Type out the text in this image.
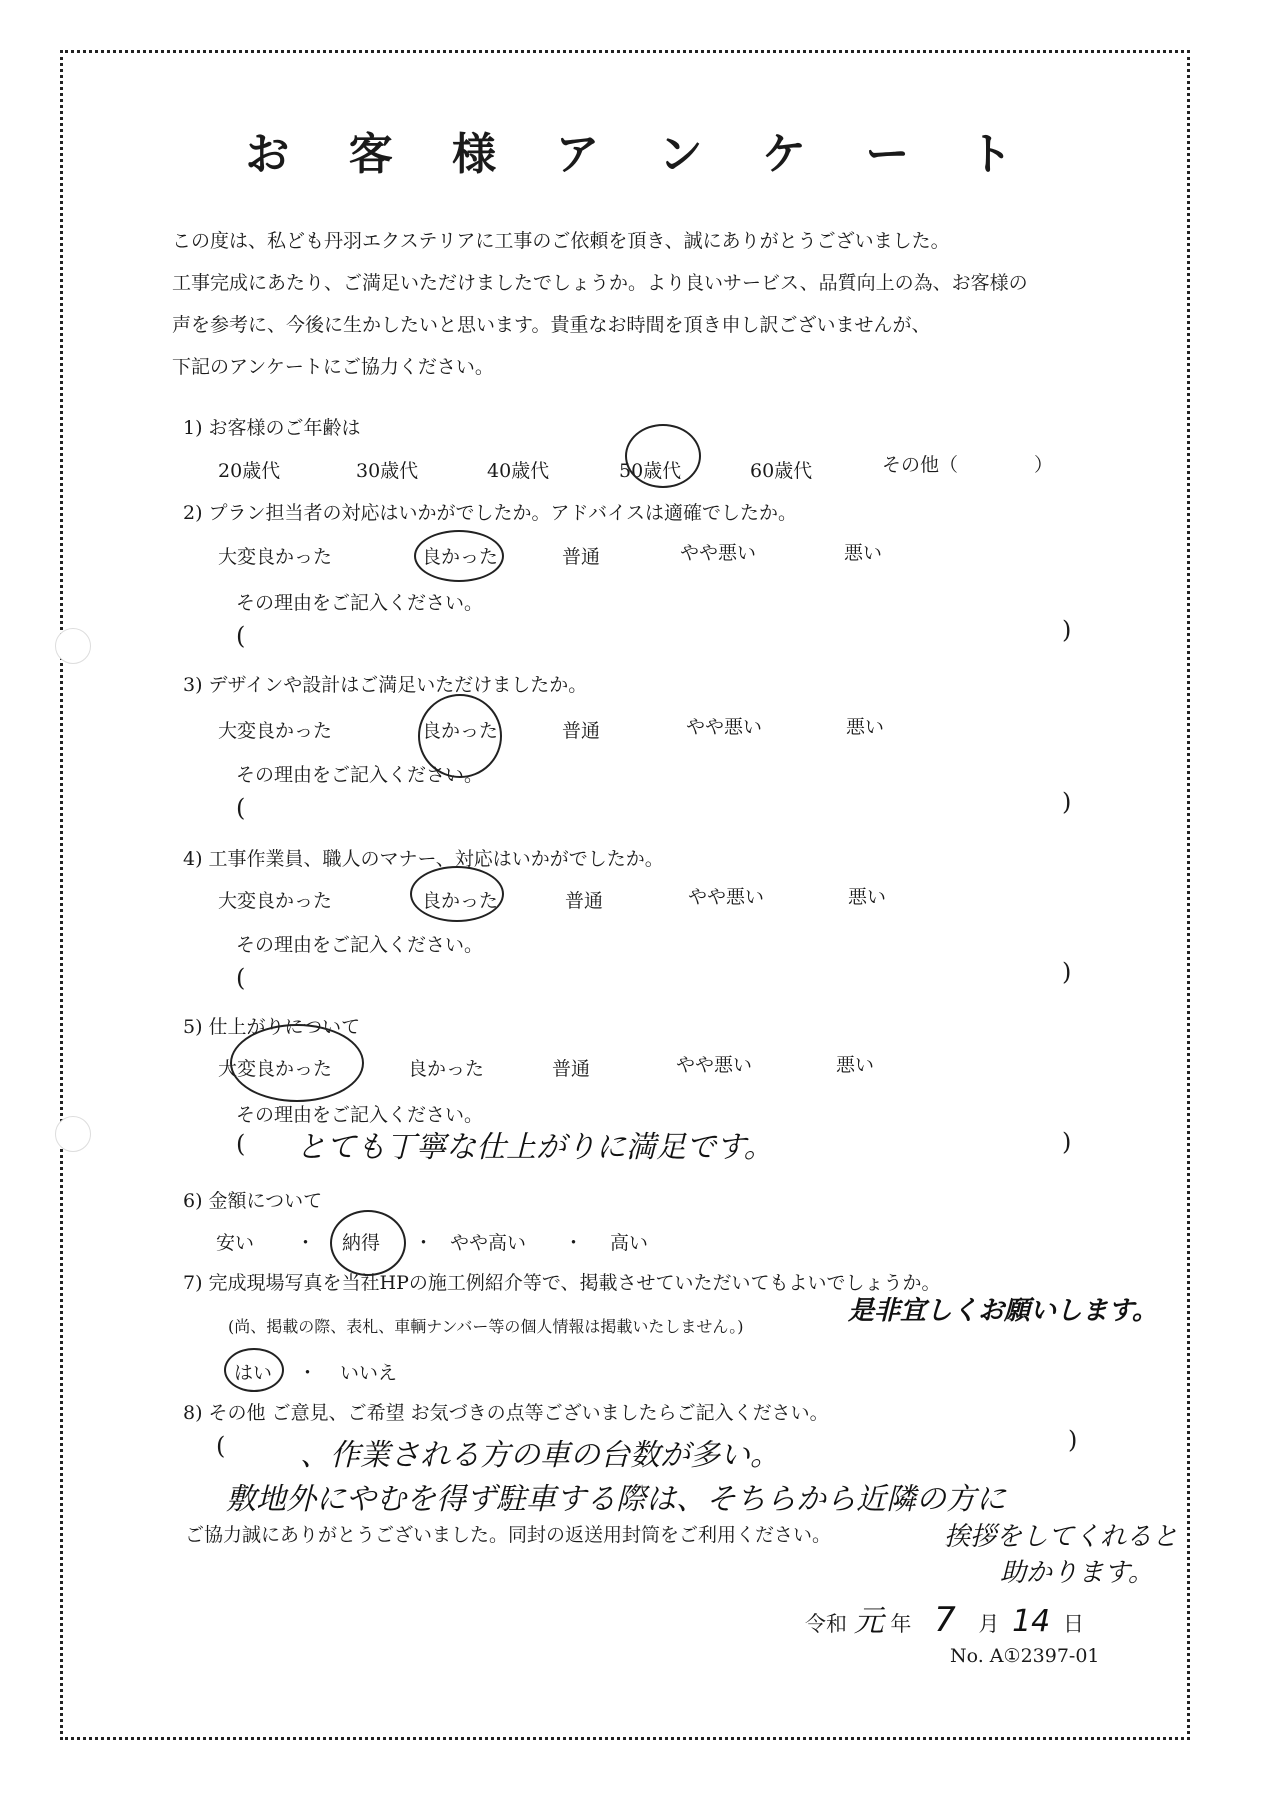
お 客 様 ア ン ケ ー ト
この度は、私ども丹羽エクステリアに工事のご依頼を頂き、誠にありがとうございました。
工事完成にあたり、ご満足いただけましたでしょうか。より良いサービス、品質向上の為、お客様の
声を参考に、今後に生かしたいと思います。貴重なお時間を頂き申し訳ございませんが、
下記のアンケートにご協力ください。
1) お客様のご年齢は
20歳代	30歳代	40歳代	50歳代	60歳代	その他（　　　　）
2) プラン担当者の対応はいかがでしたか。アドバイスは適確でしたか。
大変良かった	良かった	普通	やや悪い	悪い
その理由をご記入ください。
(	)
3) デザインや設計はご満足いただけましたか。
大変良かった	良かった	普通	やや悪い	悪い
その理由をご記入ください。
(	)
4) 工事作業員、職人のマナー、対応はいかがでしたか。
大変良かった	良かった	普通	やや悪い	悪い
その理由をご記入ください。
(	)
5) 仕上がりについて
大変良かった	良かった	普通	やや悪い	悪い
その理由をご記入ください。
( とても丁寧な仕上がりに満足です。	)
6) 金額について
安い ・ 納得 ・ やや高い ・ 高い
7) 完成現場写真を当社HPの施工例紹介等で、掲載させていただいてもよいでしょうか。
(尚、掲載の際、表札、車輌ナンバー等の個人情報は掲載いたしません。)
是非宜しくお願いします。
はい ・ いいえ
8) その他 ご意見、ご希望 お気づきの点等ございましたらご記入ください。
(	)
、作業される方の車の台数が多い。
敷地外にやむを得ず駐車する際は、そちらから近隣の方に
挨拶をしてくれると
助かります。
ご協力誠にありがとうございました。同封の返送用封筒をご利用ください。
令和 元 年 7 月 14 日
No. A①2397-01
